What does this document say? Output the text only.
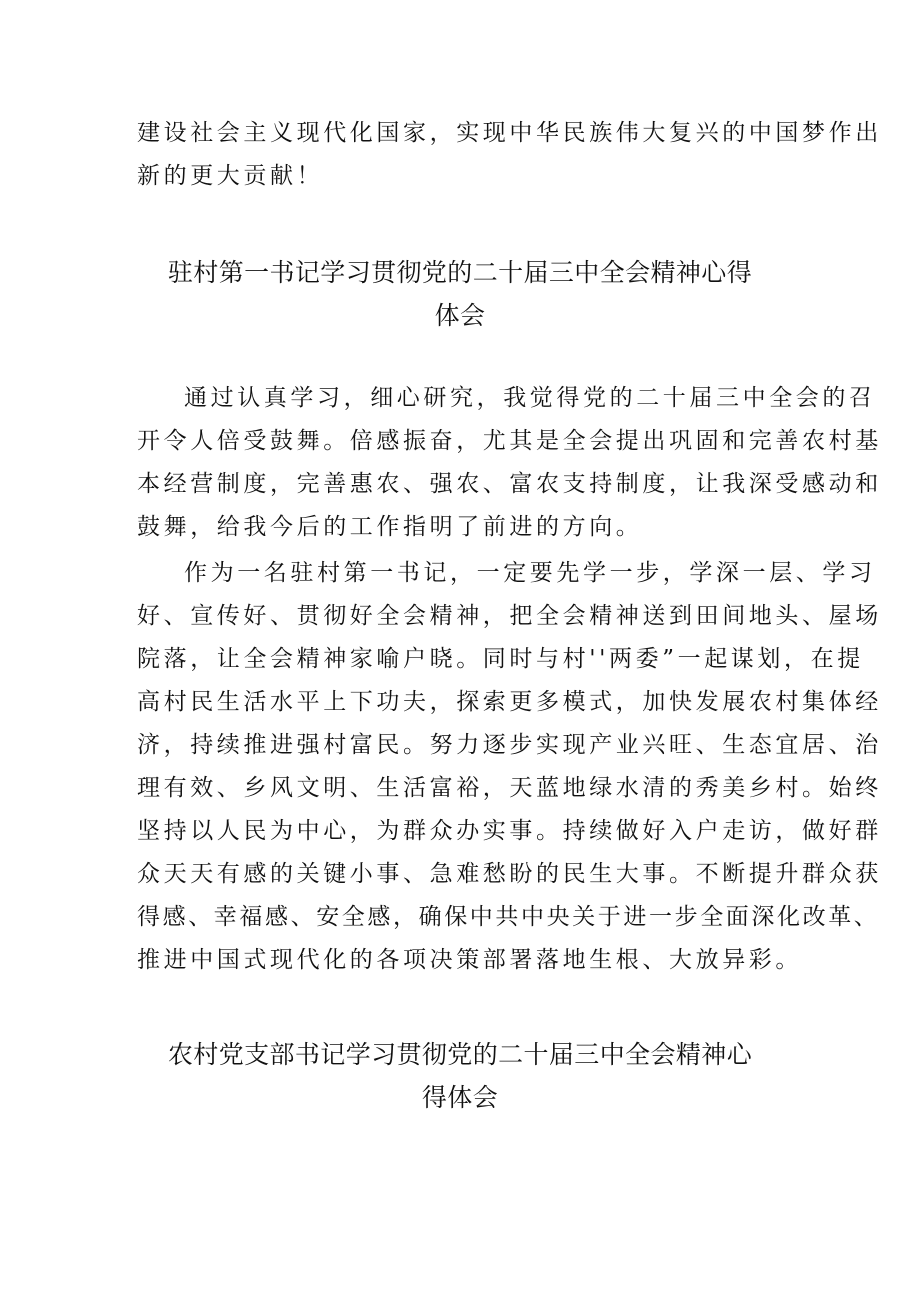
建设社会主义现代化国家，实现中华民族伟大复兴的中国梦作出
新的更大贡献！
驻村第一书记学习贯彻党的二十届三中全会精神心得
体会
通过认真学习，细心研究，我觉得党的二十届三中全会的召
开令人倍受鼓舞。倍感振奋，尤其是全会提出巩固和完善农村基
本经营制度，完善惠农、强农、富农支持制度，让我深受感动和
鼓舞，给我今后的工作指明了前进的方向。
作为一名驻村第一书记，一定要先学一步，学深一层、学习
好、宣传好、贯彻好全会精神，把全会精神送到田间地头、屋场
院落，让全会精神家喻户晓。同时与村''两委”一起谋划，在提
高村民生活水平上下功夫，探索更多模式，加快发展农村集体经
济，持续推进强村富民。努力逐步实现产业兴旺、生态宜居、治
理有效、乡风文明、生活富裕，天蓝地绿水清的秀美乡村。始终
坚持以人民为中心，为群众办实事。持续做好入户走访，做好群
众天天有感的关键小事、急难愁盼的民生大事。不断提升群众获
得感、幸福感、安全感，确保中共中央关于进一步全面深化改革、
推进中国式现代化的各项决策部署落地生根、大放异彩。
农村党支部书记学习贯彻党的二十届三中全会精神心
得体会
